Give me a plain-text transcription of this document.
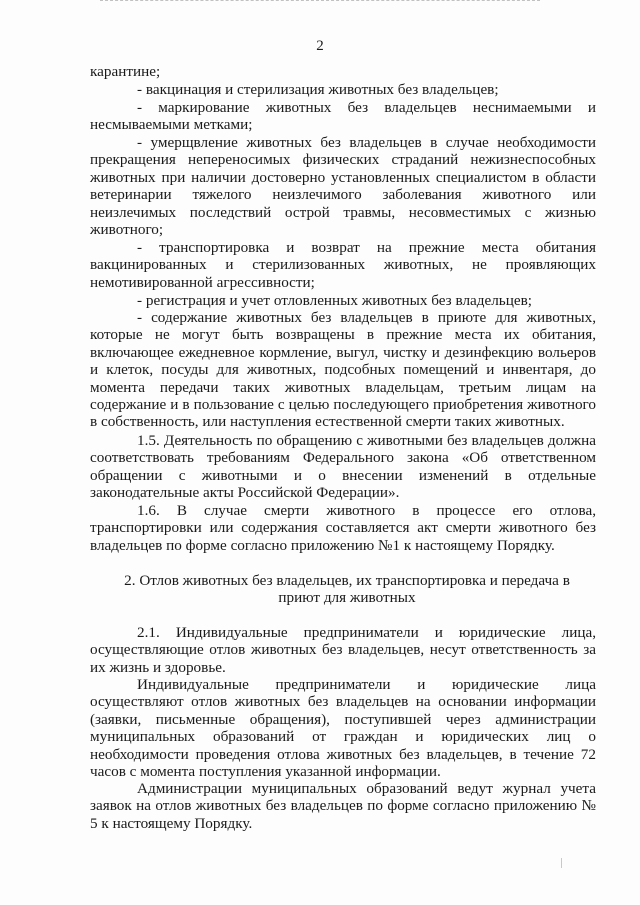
2

карантине;

- вакцинация и стерилизация животных без владельцев;

- маркирование животных без владельцев неснимаемыми и несмываемыми метками;

- умерщвление животных без владельцев в случае необходимости прекращения непереносимых физических страданий нежизнеспособных животных при наличии достоверно установленных специалистом в области ветеринарии тяжелого неизлечимого заболевания животного или неизлечимых последствий острой травмы, несовместимых с жизнью животного;

- транспортировка и возврат на прежние места обитания вакцинированных и стерилизованных животных, не проявляющих немотивированной агрессивности;

- регистрация и учет отловленных животных без владельцев;

- содержание животных без владельцев в приюте для животных, которые не могут быть возвращены в прежние места их обитания, включающее ежедневное кормление, выгул, чистку и дезинфекцию вольеров и клеток, посуды для животных, подсобных помещений и инвентаря, до момента передачи таких животных владельцам, третьим лицам на содержание и в пользование с целью последующего приобретения животного в собственность, или наступления естественной смерти таких животных.

1.5. Деятельность по обращению с животными без владельцев должна соответствовать требованиям Федерального закона «Об ответственном обращении с животными и о внесении изменений в отдельные законодательные акты Российской Федерации».

1.6. В случае смерти животного в процессе его отлова, транспортировки или содержания составляется акт смерти животного без владельцев по форме согласно приложению №1 к настоящему Порядку.

2. Отлов животных без владельцев, их транспортировка и передача в приют для животных

2.1. Индивидуальные предприниматели и юридические лица, осуществляющие отлов животных без владельцев, несут ответственность за их жизнь и здоровье.

Индивидуальные предприниматели и юридические лица осуществляют отлов животных без владельцев на основании информации (заявки, письменные обращения), поступившей через администрации муниципальных образований от граждан и юридических лиц о необходимости проведения отлова животных без владельцев, в течение 72 часов с момента поступления указанной информации.

Администрации муниципальных образований ведут журнал учета заявок на отлов животных без владельцев по форме согласно приложению № 5 к настоящему Порядку.
